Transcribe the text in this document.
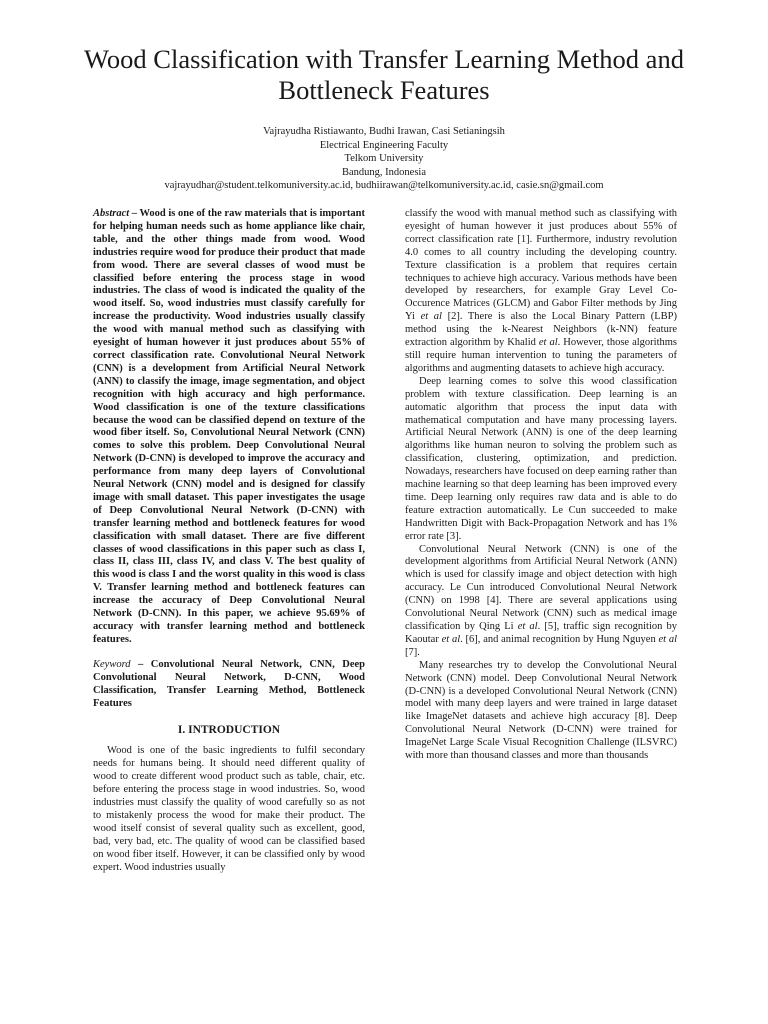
Wood Classification with Transfer Learning Method and Bottleneck Features
Vajrayudha Ristiawanto, Budhi Irawan, Casi Setianingsih
Electrical Engineering Faculty
Telkom University
Bandung, Indonesia
vajrayudhar@student.telkomuniversity.ac.id, budhiirawan@telkomuniversity.ac.id, casie.sn@gmail.com

Abstract – Wood is one of the raw materials that is important for helping human needs such as home appliance like chair, table, and the other things made from wood. Wood industries require wood for produce their product that made from wood. There are several classes of wood must be classified before entering the process stage in wood industries. The class of wood is indicated the quality of the wood itself. So, wood industries must classify carefully for increase the productivity. Wood industries usually classify the wood with manual method such as classifying with eyesight of human however it just produces about 55% of correct classification rate. Convolutional Neural Network (CNN) is a development from Artificial Neural Network (ANN) to classify the image, image segmentation, and object recognition with high accuracy and high performance. Wood classification is one of the texture classifications because the wood can be classified depend on texture of the wood fiber itself. So, Convolutional Neural Network (CNN) comes to solve this problem. Deep Convolutional Neural Network (D-CNN) is developed to improve the accuracy and performance from many deep layers of Convolutional Neural Network (CNN) model and is designed for classify image with small dataset. This paper investigates the usage of Deep Convolutional Neural Network (D-CNN) with transfer learning method and bottleneck features for wood classification with small dataset. There are five different classes of wood classifications in this paper such as class I, class II, class III, class IV, and class V. The best quality of this wood is class I and the worst quality in this wood is class V. Transfer learning method and bottleneck features can increase the accuracy of Deep Convolutional Neural Network (D-CNN). In this paper, we achieve 95.69% of accuracy with transfer learning method and bottleneck features.

Keyword – Convolutional Neural Network, CNN, Deep Convolutional Neural Network, D-CNN, Wood Classification, Transfer Learning Method, Bottleneck Features

I. INTRODUCTION

Wood is one of the basic ingredients to fulfil secondary needs for humans being. It should need different quality of wood to create different wood product such as table, chair, etc. before entering the process stage in wood industries. So, wood industries must classify the quality of wood carefully so as not to mistakenly process the wood for make their product. The wood itself consist of several quality such as excellent, good, bad, very bad, etc. The quality of wood can be classified based on wood fiber itself. However, it can be classified only by wood expert. Wood industries usually

classify the wood with manual method such as classifying with eyesight of human however it just produces about 55% of correct classification rate [1]. Furthermore, industry revolution 4.0 comes to all country including the developing country. Texture classification is a problem that requires certain techniques to achieve high accuracy. Various methods have been developed by researchers, for example Gray Level Co-Occurence Matrices (GLCM) and Gabor Filter methods by Jing Yi et al [2]. There is also the Local Binary Pattern (LBP) method using the k-Nearest Neighbors (k-NN) feature extraction algorithm by Khalid et al. However, those algorithms still require human intervention to tuning the parameters of algorithms and augmenting datasets to achieve high accuracy.

Deep learning comes to solve this wood classification problem with texture classification. Deep learning is an automatic algorithm that process the input data with mathematical computation and have many processing layers. Artificial Neural Network (ANN) is one of the deep learning algorithms like human neuron to solving the problem such as classification, clustering, optimization, and prediction. Nowadays, researchers have focused on deep earning rather than machine learning so that deep learning has been improved every time. Deep learning only requires raw data and is able to do feature extraction automatically. Le Cun succeeded to make Handwritten Digit with Back-Propagation Network and has 1% error rate [3].

Convolutional Neural Network (CNN) is one of the development algorithms from Artificial Neural Network (ANN) which is used for classify image and object detection with high accuracy. Le Cun introduced Convolutional Neural Network (CNN) on 1998 [4]. There are several applications using Convolutional Neural Network (CNN) such as medical image classification by Qing Li et al. [5], traffic sign recognition by Kaoutar et al. [6], and animal recognition by Hung Nguyen et al [7].

Many researches try to develop the Convolutional Neural Network (CNN) model. Deep Convolutional Neural Network (D-CNN) is a developed Convolutional Neural Network (CNN) model with many deep layers and were trained in large dataset like ImageNet datasets and achieve high accuracy [8]. Deep Convolutional Neural Network (D-CNN) were trained for ImageNet Large Scale Visual Recognition Challenge (ILSVRC) with more than thousand classes and more than thousands
